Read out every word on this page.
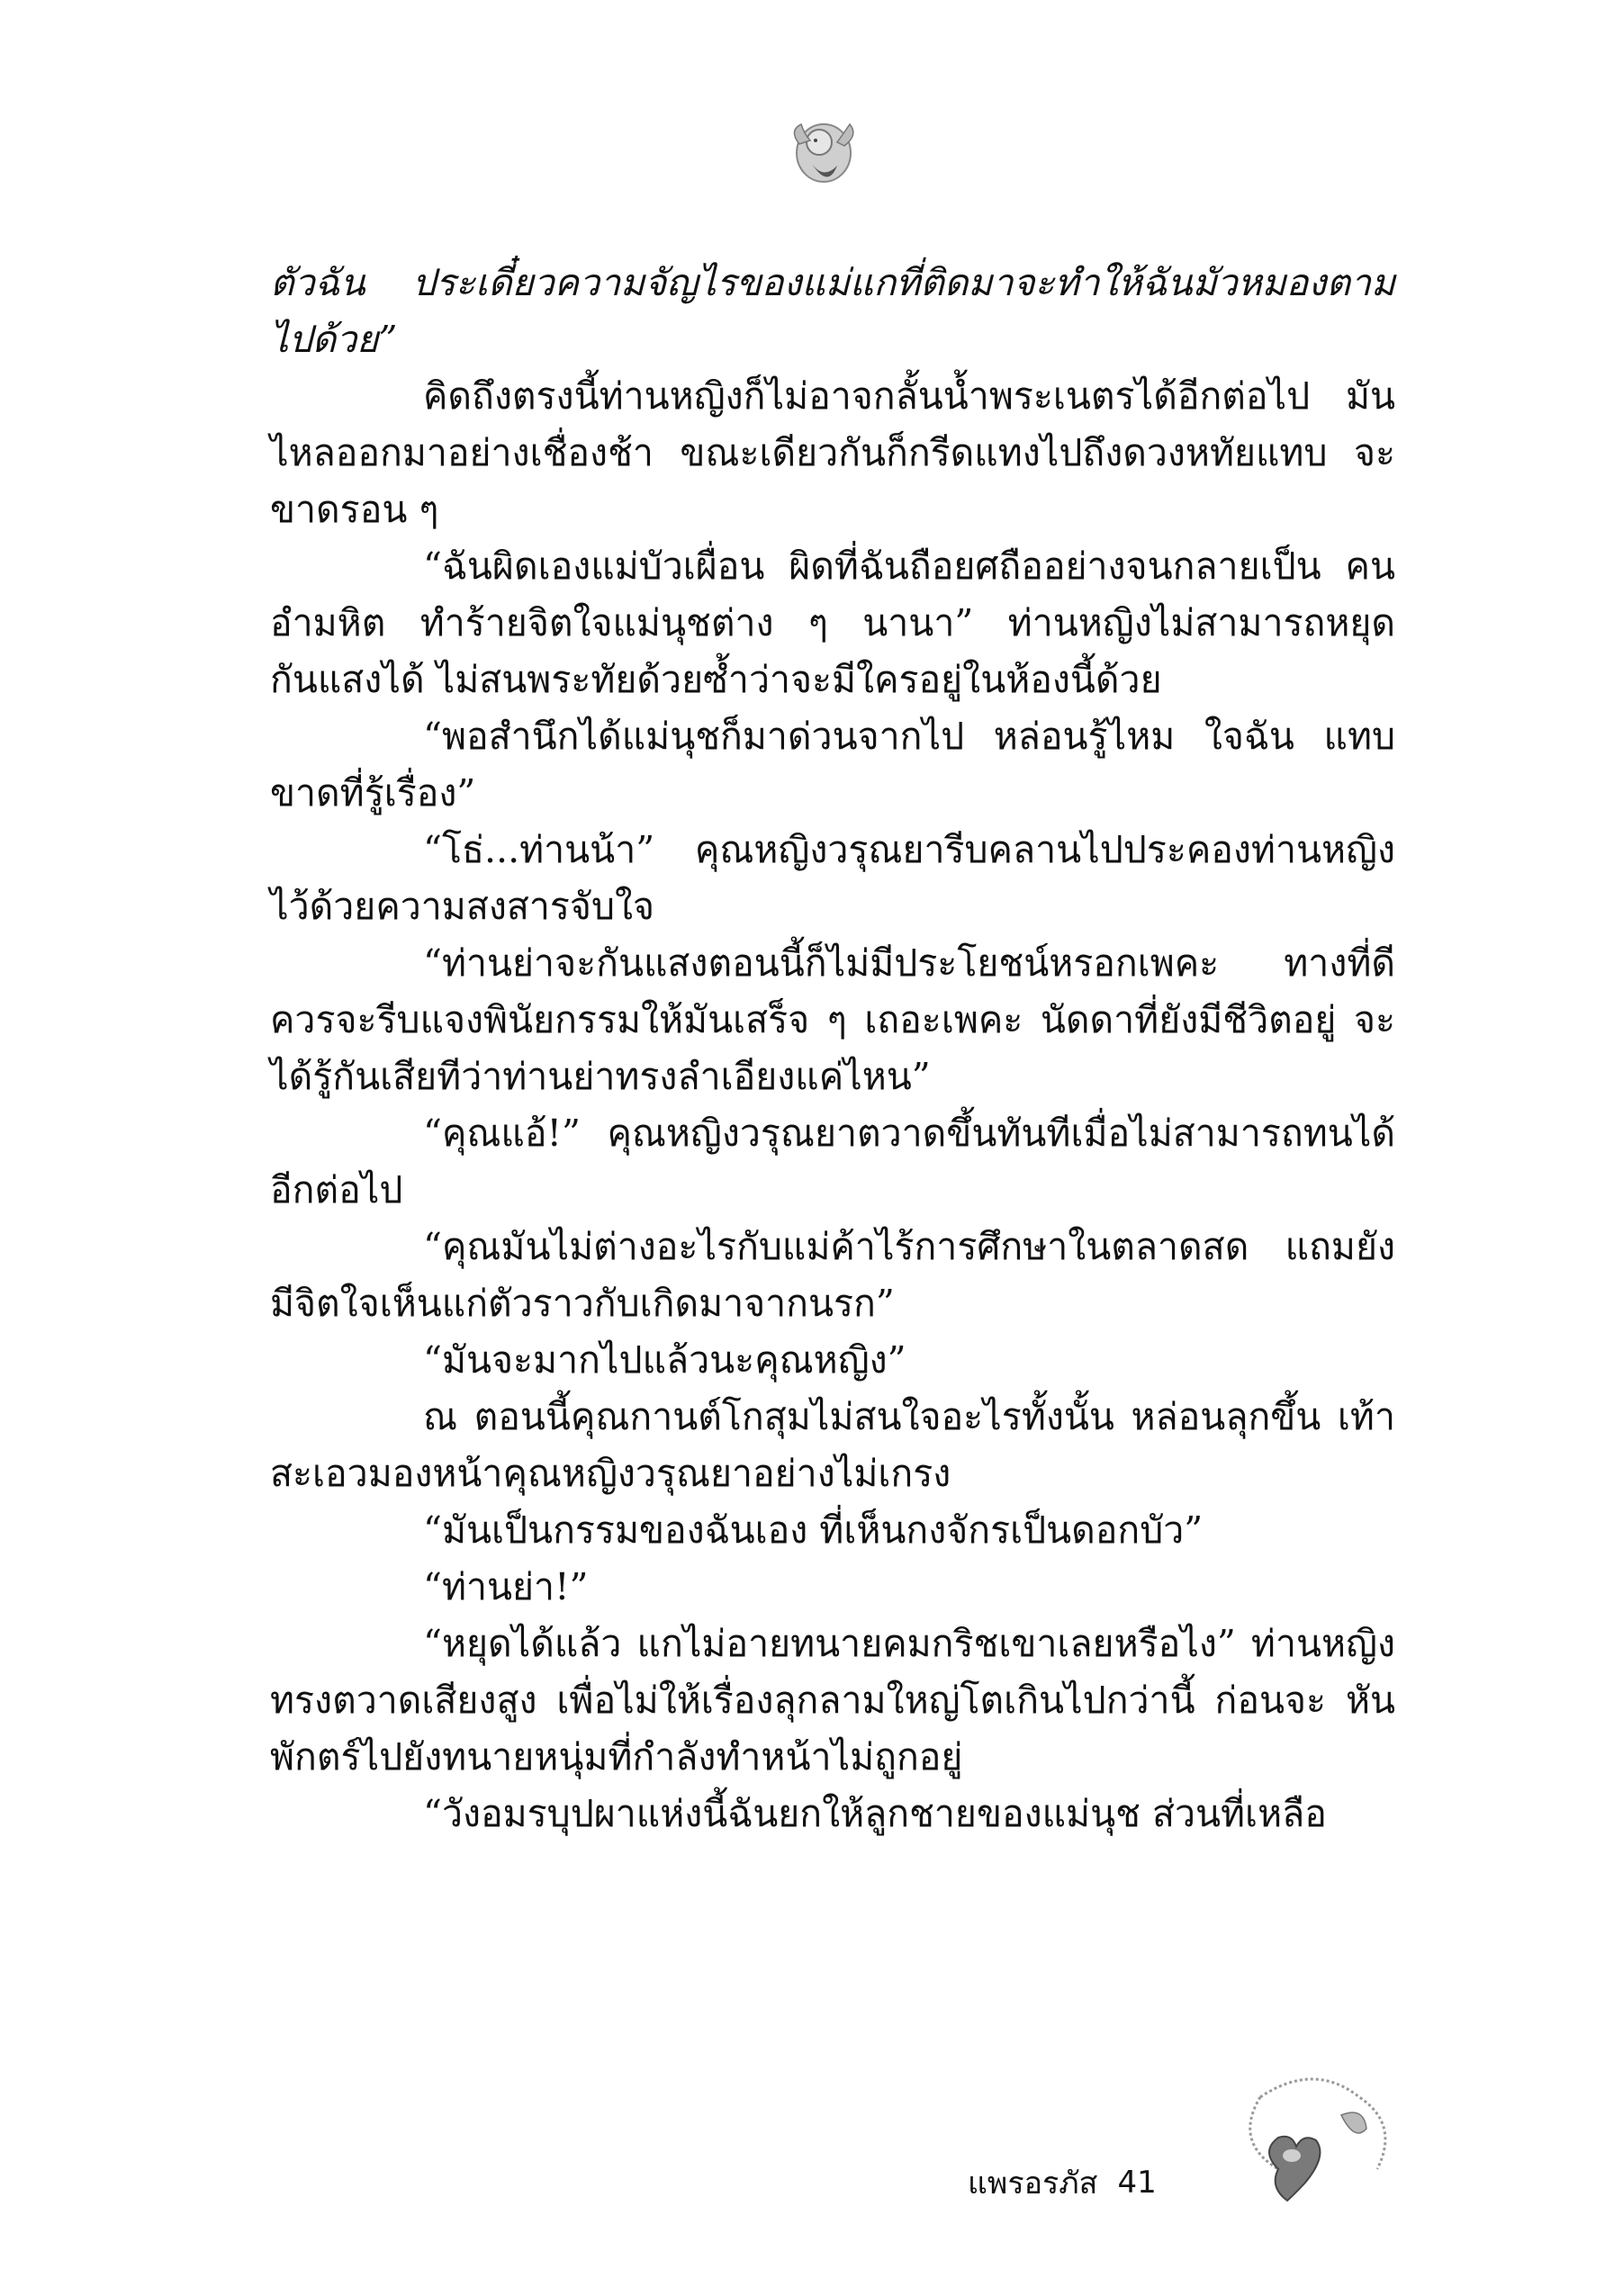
ตัวฉัน ประเดี๋ยวความจัญไรของแม่แกที่ติดมาจะทำให้ฉันมัวหมองตาม ไปด้วย”

คิดถึงตรงนี้ท่านหญิงก็ไม่อาจกลั้นน้ำพระเนตรได้อีกต่อไป มันไหลออกมาอย่างเชื่องช้า ขณะเดียวกันก็กรีดแทงไปถึงดวงหทัยแทบ จะขาดรอน ๆ

“ฉันผิดเองแม่บัวเผื่อน ผิดที่ฉันถือยศถืออย่างจนกลายเป็น คนอำมหิต ทำร้ายจิตใจแม่นุชต่าง ๆ นานา” ท่านหญิงไม่สามารถหยุด กันแสงได้ ไม่สนพระทัยด้วยซ้ำว่าจะมีใครอยู่ในห้องนี้ด้วย

“พอสำนึกได้แม่นุชก็มาด่วนจากไป หล่อนรู้ไหม ใจฉัน แทบขาดที่รู้เรื่อง”

“โธ่...ท่านน้า” คุณหญิงวรุณยารีบคลานไปประคองท่านหญิง ไว้ด้วยความสงสารจับใจ

“ท่านย่าจะกันแสงตอนนี้ก็ไม่มีประโยชน์หรอกเพคะ ทางที่ดี ควรจะรีบแจงพินัยกรรมให้มันเสร็จ ๆ เถอะเพคะ นัดดาที่ยังมีชีวิตอยู่ จะได้รู้กันเสียทีว่าท่านย่าทรงลำเอียงแค่ไหน”

“คุณแอ้!” คุณหญิงวรุณยาตวาดขึ้นทันทีเมื่อไม่สามารถทนได้ อีกต่อไป

“คุณมันไม่ต่างอะไรกับแม่ค้าไร้การศึกษาในตลาดสด แถมยัง มีจิตใจเห็นแก่ตัวราวกับเกิดมาจากนรก”

“มันจะมากไปแล้วนะคุณหญิง”

ณ ตอนนี้คุณกานต์โกสุมไม่สนใจอะไรทั้งนั้น หล่อนลุกขึ้น เท้าสะเอวมองหน้าคุณหญิงวรุณยาอย่างไม่เกรง

“มันเป็นกรรมของฉันเอง ที่เห็นกงจักรเป็นดอกบัว”

“ท่านย่า!”

“หยุดได้แล้ว แกไม่อายทนายคมกริชเขาเลยหรือไง” ท่านหญิง ทรงตวาดเสียงสูง เพื่อไม่ให้เรื่องลุกลามใหญ่โตเกินไปกว่านี้ ก่อนจะ หันพักตร์ไปยังทนายหนุ่มที่กำลังทำหน้าไม่ถูกอยู่

“วังอมรบุปผาแห่งนี้ฉันยกให้ลูกชายของแม่นุช ส่วนที่เหลือ

แพรอรภัส 41
